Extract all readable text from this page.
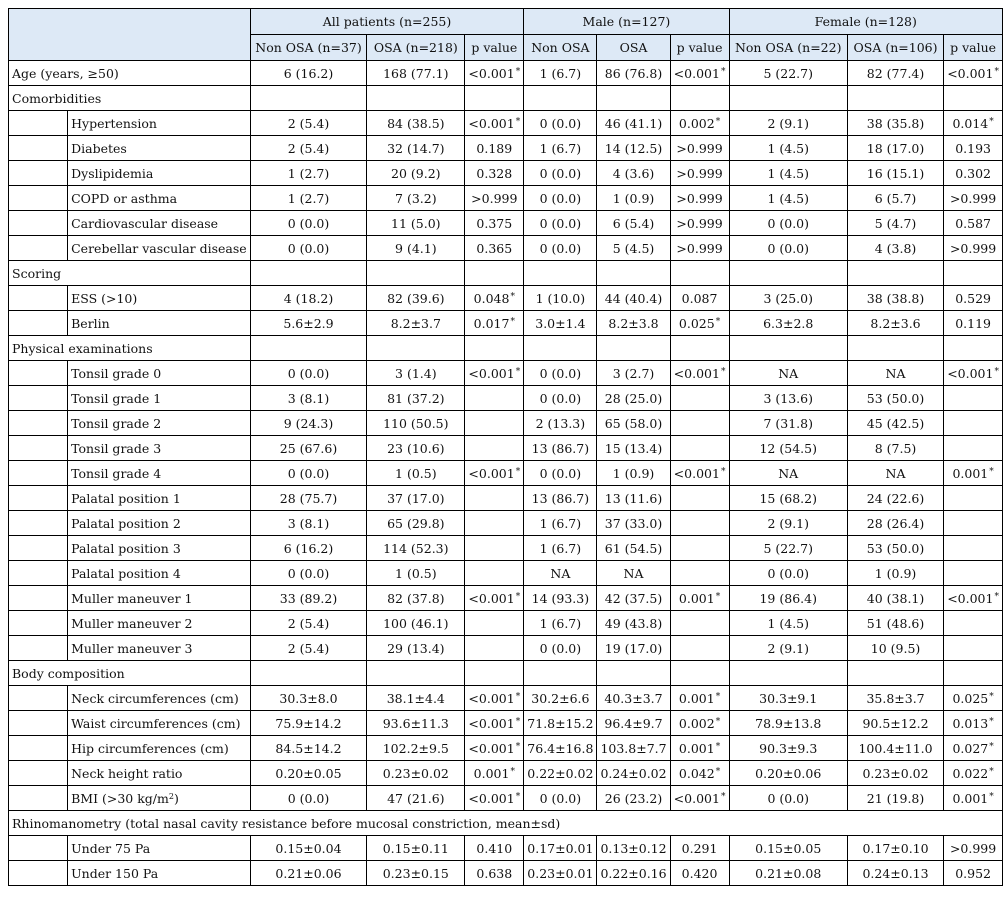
		All patients (n=255)			Male (n=127)			Female (n=128)		
		Non OSA (n=37)	OSA (n=218)	p value	Non OSA	OSA	p value	Non OSA (n=22)	OSA (n=106)	p value
Age (years, ≥50)		6 (16.2)	168 (77.1)	<0.001*	1 (6.7)	86 (76.8)	<0.001*	5 (22.7)	82 (77.4)	<0.001*
Comorbidities										
	Hypertension	2 (5.4)	84 (38.5)	<0.001*	0 (0.0)	46 (41.1)	0.002*	2 (9.1)	38 (35.8)	0.014*
	Diabetes	2 (5.4)	32 (14.7)	0.189	1 (6.7)	14 (12.5)	>0.999	1 (4.5)	18 (17.0)	0.193
	Dyslipidemia	1 (2.7)	20 (9.2)	0.328	0 (0.0)	4 (3.6)	>0.999	1 (4.5)	16 (15.1)	0.302
	COPD or asthma	1 (2.7)	7 (3.2)	>0.999	0 (0.0)	1 (0.9)	>0.999	1 (4.5)	6 (5.7)	>0.999
	Cardiovascular disease	0 (0.0)	11 (5.0)	0.375	0 (0.0)	6 (5.4)	>0.999	0 (0.0)	5 (4.7)	0.587
	Cerebellar vascular disease	0 (0.0)	9 (4.1)	0.365	0 (0.0)	5 (4.5)	>0.999	0 (0.0)	4 (3.8)	>0.999
Scoring										
	ESS (>10)	4 (18.2)	82 (39.6)	0.048*	1 (10.0)	44 (40.4)	0.087	3 (25.0)	38 (38.8)	0.529
	Berlin	5.6±2.9	8.2±3.7	0.017*	3.0±1.4	8.2±3.8	0.025*	6.3±2.8	8.2±3.6	0.119
Physical examinations										
	Tonsil grade 0	0 (0.0)	3 (1.4)	<0.001*	0 (0.0)	3 (2.7)	<0.001*	NA	NA	<0.001*
	Tonsil grade 1	3 (8.1)	81 (37.2)		0 (0.0)	28 (25.0)		3 (13.6)	53 (50.0)	
	Tonsil grade 2	9 (24.3)	110 (50.5)		2 (13.3)	65 (58.0)		7 (31.8)	45 (42.5)	
	Tonsil grade 3	25 (67.6)	23 (10.6)		13 (86.7)	15 (13.4)		12 (54.5)	8 (7.5)	
	Tonsil grade 4	0 (0.0)	1 (0.5)	<0.001*	0 (0.0)	1 (0.9)	<0.001*	NA	NA	0.001*
	Palatal position 1	28 (75.7)	37 (17.0)		13 (86.7)	13 (11.6)		15 (68.2)	24 (22.6)	
	Palatal position 2	3 (8.1)	65 (29.8)		1 (6.7)	37 (33.0)		2 (9.1)	28 (26.4)	
	Palatal position 3	6 (16.2)	114 (52.3)		1 (6.7)	61 (54.5)		5 (22.7)	53 (50.0)	
	Palatal position 4	0 (0.0)	1 (0.5)		NA	NA		0 (0.0)	1 (0.9)	
	Muller maneuver 1	33 (89.2)	82 (37.8)	<0.001*	14 (93.3)	42 (37.5)	0.001*	19 (86.4)	40 (38.1)	<0.001*
	Muller maneuver 2	2 (5.4)	100 (46.1)		1 (6.7)	49 (43.8)		1 (4.5)	51 (48.6)	
	Muller maneuver 3	2 (5.4)	29 (13.4)		0 (0.0)	19 (17.0)		2 (9.1)	10 (9.5)	
Body composition										
	Neck circumferences (cm)	30.3±8.0	38.1±4.4	<0.001*	30.2±6.6	40.3±3.7	0.001*	30.3±9.1	35.8±3.7	0.025*
	Waist circumferences (cm)	75.9±14.2	93.6±11.3	<0.001*	71.8±15.2	96.4±9.7	0.002*	78.9±13.8	90.5±12.2	0.013*
	Hip circumferences (cm)	84.5±14.2	102.2±9.5	<0.001*	76.4±16.8	103.8±7.7	0.001*	90.3±9.3	100.4±11.0	0.027*
	Neck height ratio	0.20±0.05	0.23±0.02	0.001*	0.22±0.02	0.24±0.02	0.042*	0.20±0.06	0.23±0.02	0.022*
	BMI (>30 $kg/m^2$)	0 (0.0)	47 (21.6)	<0.001*	0 (0.0)	26 (23.2)	<0.001*	0 (0.0)	21 (19.8)	0.001*
Rhinomanometry (total nasal cavity resistance before mucosal constriction, mean±sd)										
	Under 75 Pa	0.15±0.04	0.15±0.11	0.410	0.17±0.01	0.13±0.12	0.291	0.15±0.05	0.17±0.10	>0.999
	Under 150 Pa	0.21±0.06	0.23±0.15	0.638	0.23±0.01	0.22±0.16	0.420	0.21±0.08	0.24±0.13	0.952
